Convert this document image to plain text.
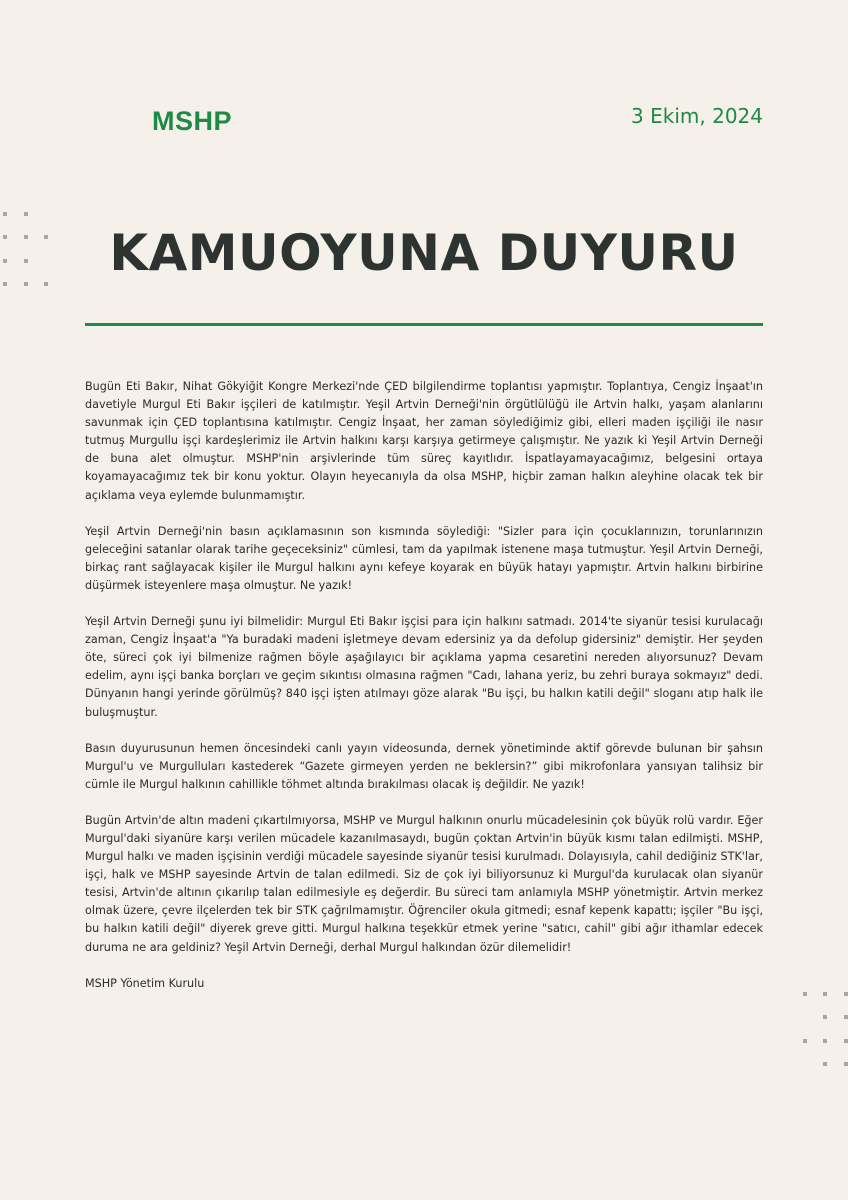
MSHP	3 Ekim, 2024
KAMUOYUNA DUYURU

Bugün Eti Bakır, Nihat Gökyiğit Kongre Merkezi'nde ÇED bilgilendirme toplantısı yapmıştır. Toplantıya, Cengiz İnşaat'ın davetiyle Murgul Eti Bakır işçileri de katılmıştır. Yeşil Artvin Derneği'nin örgütlülüğü ile Artvin halkı, yaşam alanlarını savunmak için ÇED toplantısına katılmıştır. Cengiz İnşaat, her zaman söylediğimiz gibi, elleri maden işçiliği ile nasır tutmuş Murgullu işçi kardeşlerimiz ile Artvin halkını karşı karşıya getirmeye çalışmıştır. Ne yazık ki Yeşil Artvin Derneği de buna alet olmuştur. MSHP'nin arşivlerinde tüm süreç kayıtlıdır. İspatlayamayacağımız, belgesini ortaya koyamayacağımız tek bir konu yoktur. Olayın heyecanıyla da olsa MSHP, hiçbir zaman halkın aleyhine olacak tek bir açıklama veya eylemde bulunmamıştır.

Yeşil Artvin Derneği'nin basın açıklamasının son kısmında söylediği: "Sizler para için çocuklarınızın, torunlarınızın geleceğini satanlar olarak tarihe geçeceksiniz" cümlesi, tam da yapılmak istenene maşa tutmuştur. Yeşil Artvin Derneği, birkaç rant sağlayacak kişiler ile Murgul halkını aynı kefeye koyarak en büyük hatayı yapmıştır. Artvin halkını birbirine düşürmek isteyenlere maşa olmuştur. Ne yazık!

Yeşil Artvin Derneği şunu iyi bilmelidir: Murgul Eti Bakır işçisi para için halkını satmadı. 2014'te siyanür tesisi kurulacağı zaman, Cengiz İnşaat'a "Ya buradaki madeni işletmeye devam edersiniz ya da defolup gidersiniz" demiştir. Her şeyden öte, süreci çok iyi bilmenize rağmen böyle aşağılayıcı bir açıklama yapma cesaretini nereden alıyorsunuz? Devam edelim, aynı işçi banka borçları ve geçim sıkıntısı olmasına rağmen "Cadı, lahana yeriz, bu zehri buraya sokmayız" dedi. Dünyanın hangi yerinde görülmüş? 840 işçi işten atılmayı göze alarak "Bu işçi, bu halkın katili değil" sloganı atıp halk ile buluşmuştur.

Basın duyurusunun hemen öncesindeki canlı yayın videosunda, dernek yönetiminde aktif görevde bulunan bir şahsın Murgul'u ve Murgulluları kastederek “Gazete girmeyen yerden ne beklersin?” gibi mikrofonlara yansıyan talihsiz bir cümle ile Murgul halkının cahillikle töhmet altında bırakılması olacak iş değildir. Ne yazık!

Bugün Artvin'de altın madeni çıkartılmıyorsa, MSHP ve Murgul halkının onurlu mücadelesinin çok büyük rolü vardır. Eğer Murgul'daki siyanüre karşı verilen mücadele kazanılmasaydı, bugün çoktan Artvin'in büyük kısmı talan edilmişti. MSHP, Murgul halkı ve maden işçisinin verdiği mücadele sayesinde siyanür tesisi kurulmadı. Dolayısıyla, cahil dediğiniz STK'lar, işçi, halk ve MSHP sayesinde Artvin de talan edilmedi. Siz de çok iyi biliyorsunuz ki Murgul'da kurulacak olan siyanür tesisi, Artvin'de altının çıkarılıp talan edilmesiyle eş değerdir. Bu süreci tam anlamıyla MSHP yönetmiştir. Artvin merkez olmak üzere, çevre ilçelerden tek bir STK çağrılmamıştır. Öğrenciler okula gitmedi; esnaf kepenk kapattı; işçiler "Bu işçi, bu halkın katili değil" diyerek greve gitti. Murgul halkına teşekkür etmek yerine "satıcı, cahil" gibi ağır ithamlar edecek duruma ne ara geldiniz? Yeşil Artvin Derneği, derhal Murgul halkından özür dilemelidir!

MSHP Yönetim Kurulu
